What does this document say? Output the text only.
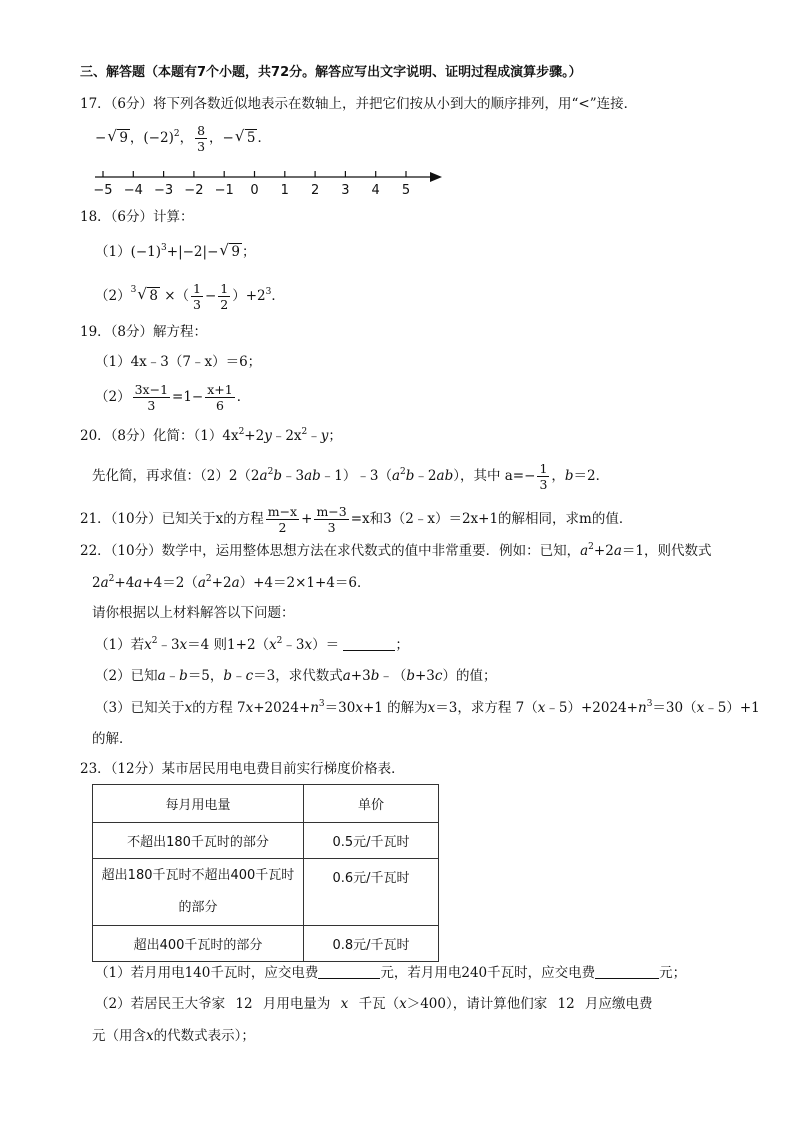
三、解答题（本题有7个小题，共72分。解答应写出文字说明、证明过程成演算步骤。）
17．（6分）将下列各数近似地表示在数轴上，并把它们按从小到大的顺序排列，用“<”连接．
− √ 9 ，$(-2)^2$， $\frac{8}{3}$ ，− √ 5 ．
−5 −4 −3 −2 −1 0 1 2 3 4 5
18．（6分）计算：
$(1)(-1)^3+|-2|-$ √ 9 ；
$(2)^3$ √ 8 ×（ $\frac{1}{3} - \frac{1}{2} )+2^3$．
19．（8分）解方程：
（1）4x﹣3（7﹣x）＝6；
$(2) \frac{3x-1}{3} =1- \frac{x+1}{6}$ ．
20．（8分）化简：$(1)4x^2+2y﹣2x^2﹣y$；
先化简，再求值：$(2)2(2a^2b﹣3ab﹣1)﹣3(a^2b﹣2ab)$，其中 $a=- \frac{1}{3}$ ，b＝2．
21．（10分）已知关于x的方程 $\frac{m-x}{2} + \frac{m-3}{3} =x$和3（2﹣x）＝2x+1的解相同，求m的值．
22．（10分）数学中，运用整体思想方法在求代数式的值中非常重要．例如：已知，$a^2+2a=1$，则代数式
$2a^2+4a+4=2(a^2+2a)+4=2\times 1+4=6$．
请你根据以上材料解答以下问题：
（1）若$x^2﹣3x=4$ 则$1+2(x^2﹣3x)=$	；
（2）已知a﹣b＝5，b﹣c＝3，求代数式a+3b﹣（b+3c）的值；
（3）已知关于x的方程 $7x+2024+n^3=30x+1$ 的解为x＝3，求方程 $7(x﹣5)+2024+n^3=30(x﹣5)+1$
的解．
23．（12分）某市居民用电电费目前实行梯度价格表．
每月用电量	单价
不超出180千瓦时的部分	0.5元/千瓦时
超出180千瓦时不超出400千瓦时
的部分	0.6元/千瓦时
超出400千瓦时的部分	0.8元/千瓦时
（1）若月用电140千瓦时，应交电费	元，若月用电240千瓦时，应交电费	元；
（2）若居民王大爷家 12 月用电量为 x 千瓦（x＞400），请计算他们家 12 月应缴电费
元（用含x的代数式表示）；
